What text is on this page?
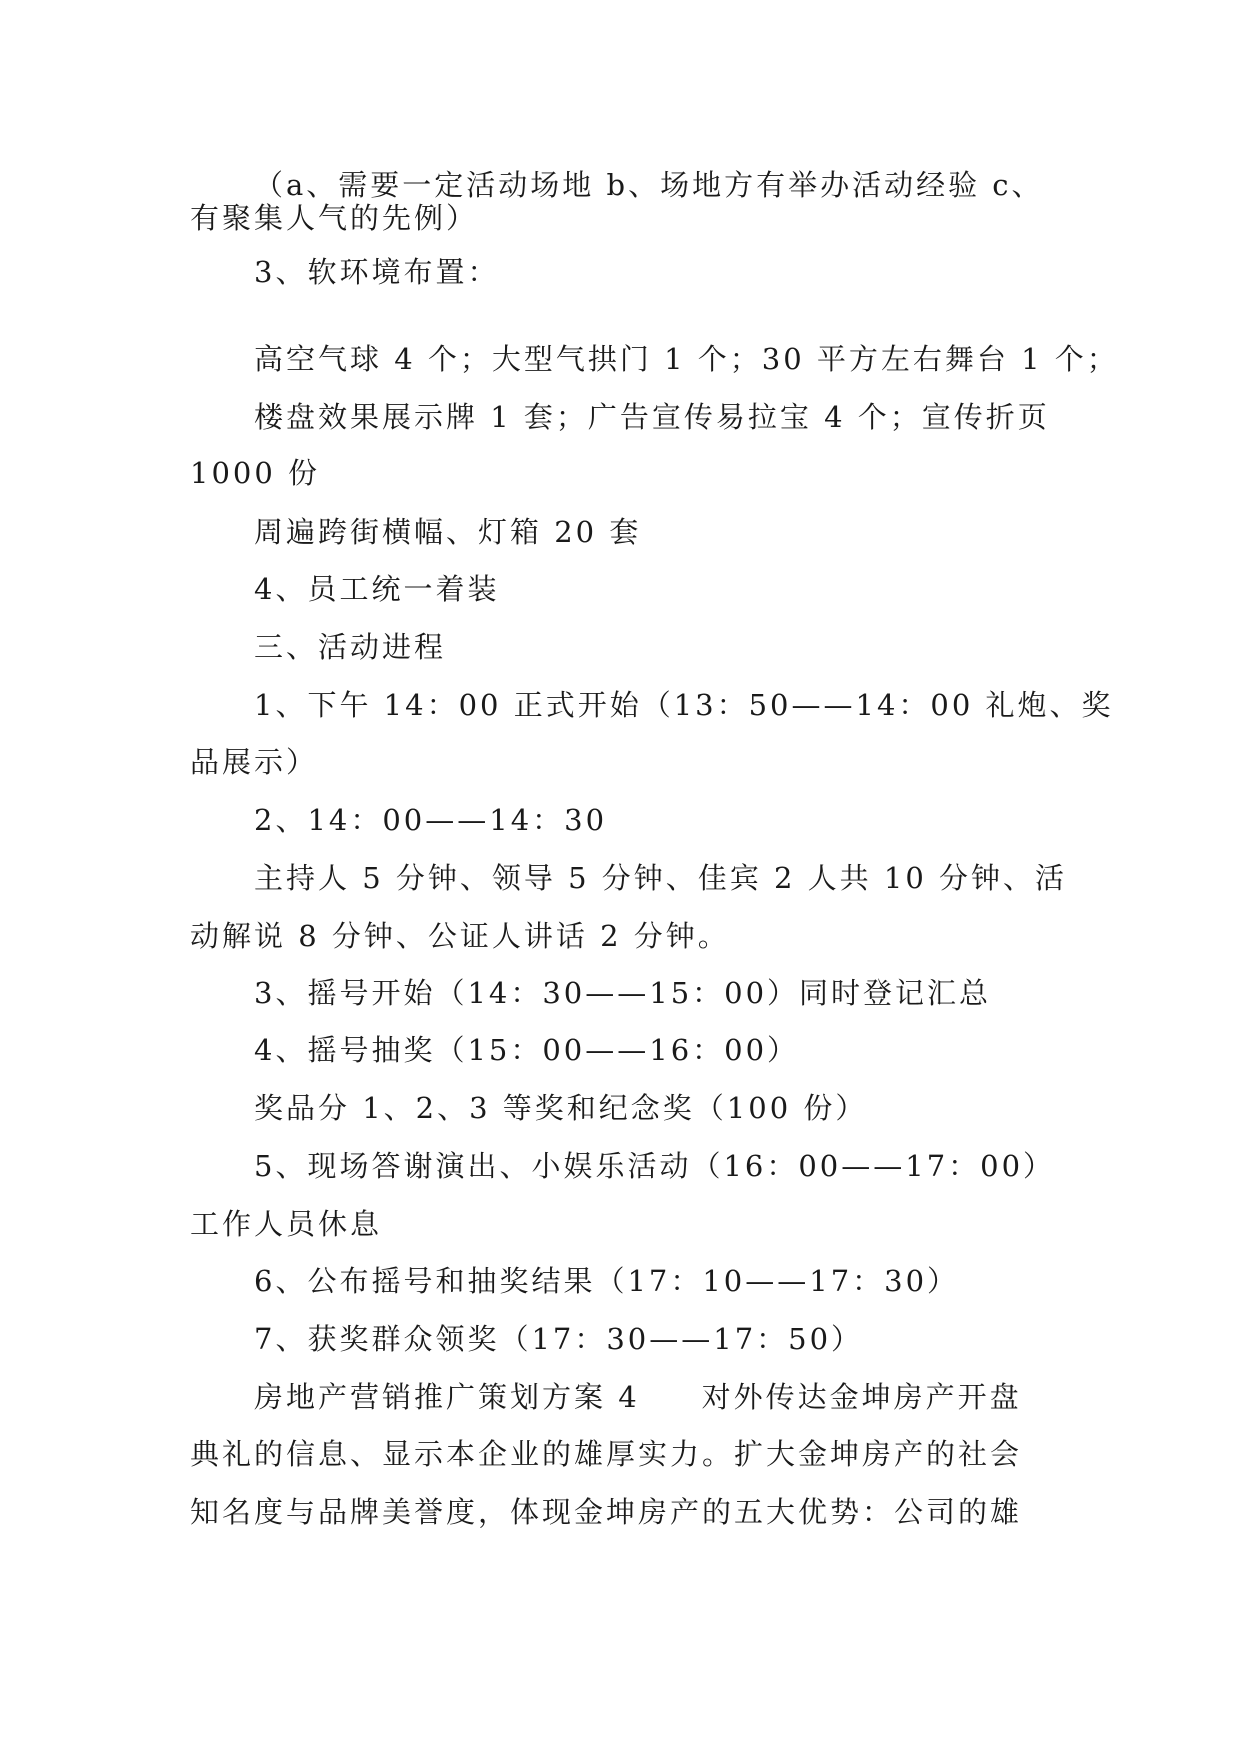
（a、需要一定活动场地 b、场地方有举办活动经验 c、
有聚集人气的先例）
3、软环境布置：
高空气球 4 个；大型气拱门 1 个；30 平方左右舞台 1 个；
楼盘效果展示牌 1 套；广告宣传易拉宝 4 个；宣传折页
1000 份
周遍跨街横幅、灯箱 20 套
4、员工统一着装
三、活动进程
1、下午 14：00 正式开始（13：50——14：00 礼炮、奖
品展示）
2、14：00——14：30
主持人 5 分钟、领导 5 分钟、佳宾 2 人共 10 分钟、活
动解说 8 分钟、公证人讲话 2 分钟。
3、摇号开始（14：30——15：00）同时登记汇总
4、摇号抽奖（15：00——16：00）
奖品分 1、2、3 等奖和纪念奖（100 份）
5、现场答谢演出、小娱乐活动（16：00——17：00）
工作人员休息
6、公布摇号和抽奖结果（17：10——17：30）
7、获奖群众领奖（17：30——17：50）
房地产营销推广策划方案 4 对外传达金坤房产开盘
典礼的信息、显示本企业的雄厚实力。扩大金坤房产的社会
知名度与品牌美誉度，体现金坤房产的五大优势：公司的雄
